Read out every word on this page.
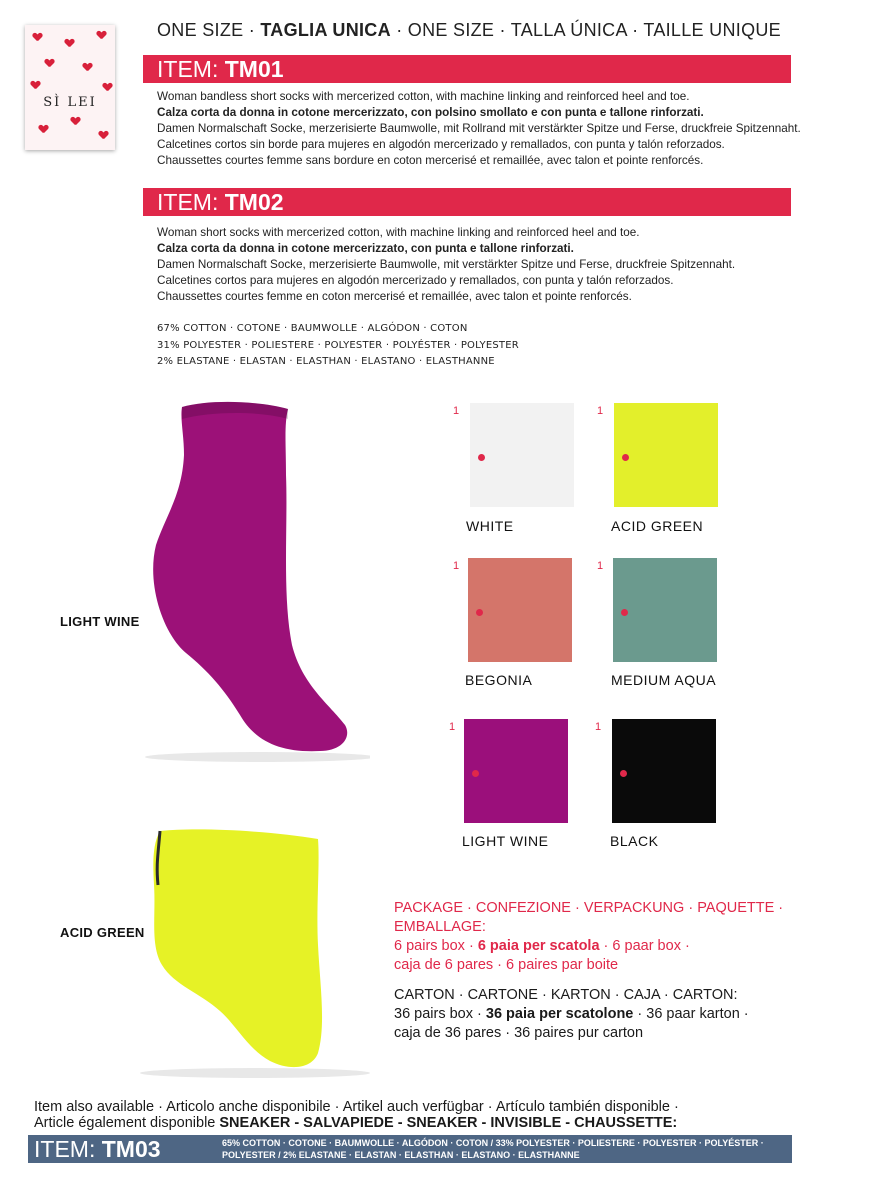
SÌ LEI
ONE SIZE · TAGLIA UNICA · ONE SIZE · TALLA ÚNICA · TAILLE UNIQUE
ITEM: TM01
Woman bandless short socks with mercerized cotton, with machine linking and reinforced heel and toe.
Calza corta da donna in cotone mercerizzato, con polsino smollato e con punta e tallone rinforzati.
Damen Normalschaft Socke, merzerisierte Baumwolle, mit Rollrand mit verstärkter Spitze und Ferse, druckfreie Spitzennaht.
Calcetines cortos sin borde para mujeres en algodón mercerizado y remallados, con punta y talón reforzados.
Chaussettes courtes femme sans bordure en coton mercerisé et remaillée, avec talon et pointe renforcés.
ITEM: TM02
Woman short socks with mercerized cotton, with machine linking and reinforced heel and toe.
Calza corta da donna in cotone mercerizzato, con punta e tallone rinforzati.
Damen Normalschaft Socke, merzerisierte Baumwolle, mit verstärkter Spitze und Ferse, druckfreie Spitzennaht.
Calcetines cortos para mujeres en algodón mercerizado y remallados, con punta y talón reforzados.
Chaussettes courtes femme en coton mercerisé et remaillée, avec talon et pointe renforcés.
67% COTTON · COTONE · BAUMWOLLE · ALGÓDON · COTON
31% POLYESTER · POLIESTERE · POLYESTER · POLYÉSTER · POLYESTER
2% ELASTANE · ELASTAN · ELASTHAN · ELASTANO · ELASTHANNE
LIGHT WINE
ACID GREEN
1
WHITE
1
ACID GREEN
1
BEGONIA
1
MEDIUM AQUA
1
LIGHT WINE
1
BLACK
PACKAGE · CONFEZIONE · VERPACKUNG · PAQUETTE ·
EMBALLAGE:
6 pairs box · 6 paia per scatola · 6 paar box ·
caja de 6 pares · 6 paires par boite
CARTON · CARTONE · KARTON · CAJA · CARTON:
36 pairs box · 36 paia per scatolone · 36 paar karton ·
caja de 36 pares · 36 paires pur carton
Item also available · Articolo anche disponibile · Artikel auch verfügbar · Artículo también disponible ·
Article également disponible SNEAKER - SALVAPIEDE - SNEAKER - INVISIBLE - CHAUSSETTE:
ITEM: TM03	65% COTTON · COTONE · BAUMWOLLE · ALGÓDON · COTON / 33% POLYESTER · POLIESTERE · POLYESTER · POLYÉSTER ·
POLYESTER / 2% ELASTANE · ELASTAN · ELASTHAN · ELASTANO · ELASTHANNE
